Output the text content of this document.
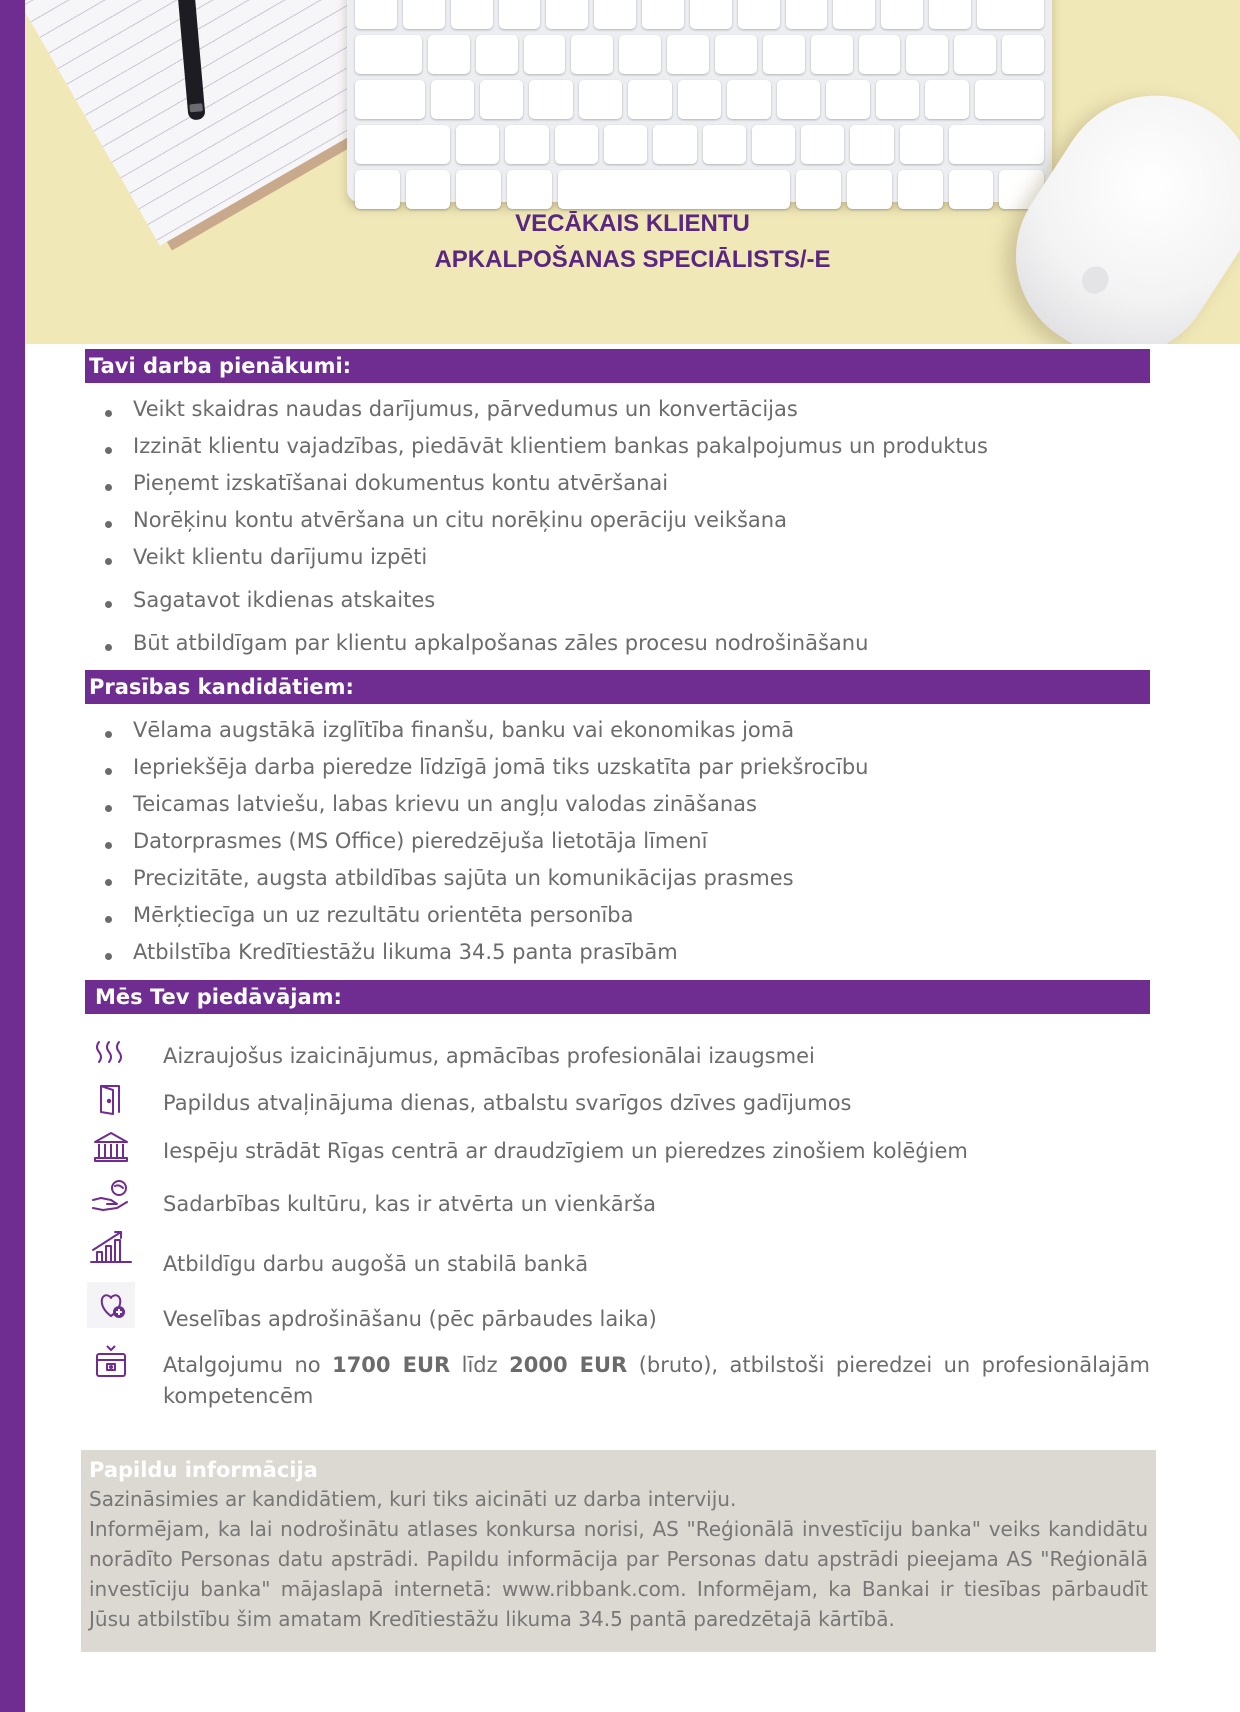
VECĀKAIS KLIENTU
APKALPOŠANAS SPECIĀLISTS/-E
Tavi darba pienākumi:
Veikt skaidras naudas darījumus, pārvedumus un konvertācijas
Izzināt klientu vajadzības, piedāvāt klientiem bankas pakalpojumus un produktus
Pieņemt izskatīšanai dokumentus kontu atvēršanai
Norēķinu kontu atvēršana un citu norēķinu operāciju veikšana
Veikt klientu darījumu izpēti
Sagatavot ikdienas atskaites
Būt atbildīgam par klientu apkalpošanas zāles procesu nodrošināšanu
Prasības kandidātiem:
Vēlama augstākā izglītība finanšu, banku vai ekonomikas jomā
Iepriekšēja darba pieredze līdzīgā jomā tiks uzskatīta par priekšrocību
Teicamas latviešu, labas krievu un angļu valodas zināšanas
Datorprasmes (MS Office) pieredzējuša lietotāja līmenī
Precizitāte, augsta atbildības sajūta un komunikācijas prasmes
Mērķtiecīga un uz rezultātu orientēta personība
Atbilstība Kredītiestāžu likuma 34.5 panta prasībām
Mēs Tev piedāvājam:
Aizraujošus izaicinājumus, apmācības profesionālai izaugsmei
Papildus atvaļinājuma dienas, atbalstu svarīgos dzīves gadījumos
Iespēju strādāt Rīgas centrā ar draudzīgiem un pieredzes zinošiem kolēģiem
Sadarbības kultūru, kas ir atvērta un vienkārša
Atbildīgu darbu augošā un stabilā bankā
Veselības apdrošināšanu (pēc pārbaudes laika)
Atalgojumu no 1700 EUR līdz 2000 EUR (bruto), atbilstoši pieredzei un profesionālajām kompetencēm
Papildu informācija

Sazināsimies ar kandidātiem, kuri tiks aicināti uz darba interviju.

Informējam, ka lai nodrošinātu atlases konkursa norisi, AS "Reģionālā investīciju banka" veiks kandidātu norādīto Personas datu apstrādi. Papildu informācija par Personas datu apstrādi pieejama AS "Reģionālā investīciju banka" mājaslapā internetā: www.ribbank.com. Informējam, ka Bankai ir tiesības pārbaudīt Jūsu atbilstību šim amatam Kredītiestāžu likuma 34.5 pantā paredzētajā kārtībā.
